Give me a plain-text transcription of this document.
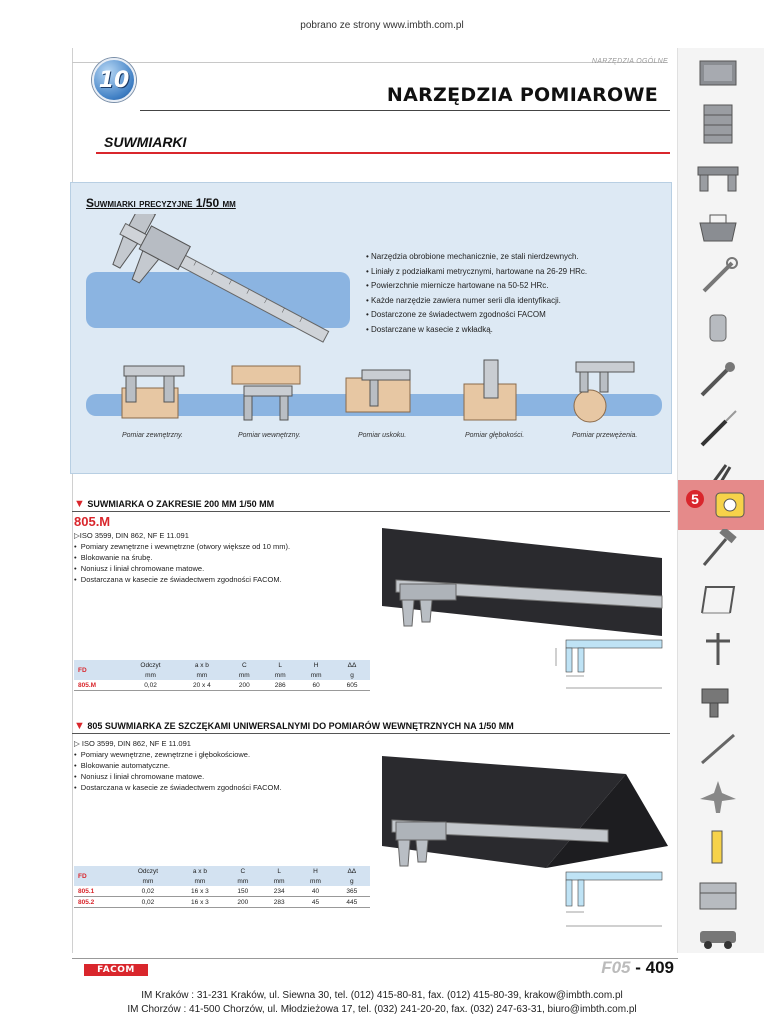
pobrano ze strony www.imbth.com.pl
NARZĘDZIA OGÓLNE
10
NARZĘDZIA POMIAROWE
SUWMIARKI
Suwmiarki precyzyjne 1/50 mm
• Narzędzia obrobione mechanicznie, ze stali nierdzewnych.
• Liniały z podziałkami metrycznymi, hartowane na 26-29 HRc.
• Powierzchnie miernicze hartowane na 50-52 HRc.
• Każde narzędzie zawiera numer serii dla identyfikacji.
• Dostarczone ze świadectwem zgodności FACOM
• Dostarczane w kasecie z wkładką.
Pomiar zewnętrzny.	Pomiar wewnętrzny.	Pomiar uskoku.	Pomiar głębokości.	Pomiar przewężenia.
▼ SUWMIARKA O ZAKRESIE 200 MM 1/50 MM
805.M
▷ISO 3599, DIN 862, NF E 11.091
•  Pomiary zewnętrzne i wewnętrzne (otwory większe od 10 mm).
•  Blokowanie na śrubę.
•  Noniusz i liniał chromowane matowe.
•  Dostarczana w kasecie ze świadectwem zgodności FACOM.
FD	Odczyt	a x b	C	L	H	ΔΔ
	mm	mm	mm	mm	mm	g
805.M	0,02	20 x 4	200	286	60	605
▼ 805 SUWMIARKA ZE SZCZĘKAMI UNIWERSALNYMI DO POMIARÓW WEWNĘTRZNYCH NA 1/50 MM
▷ ISO 3599, DIN 862, NF E 11.091
•  Pomiary wewnętrzne, zewnętrzne i głębokościowe.
•  Blokowanie automatyczne.
•  Noniusz i liniał chromowane matowe.
•  Dostarczana w kasecie ze świadectwem zgodności FACOM.
FD	Odczyt	a x b	C	L	H	ΔΔ
	mm	mm	mm	mm	mm	g
805.1	0,02	16 x 3	150	234	40	365
805.2	0,02	16 x 3	200	283	45	445
5
FACOM	F05 - 409
IM Kraków : 31-231 Kraków, ul. Siewna 30, tel. (012) 415-80-81, fax. (012) 415-80-39, krakow@imbth.com.pl
IM Chorzów : 41-500 Chorzów, ul. Młodzieżowa 17, tel. (032) 241-20-20, fax. (032) 247-63-31, biuro@imbth.com.pl
